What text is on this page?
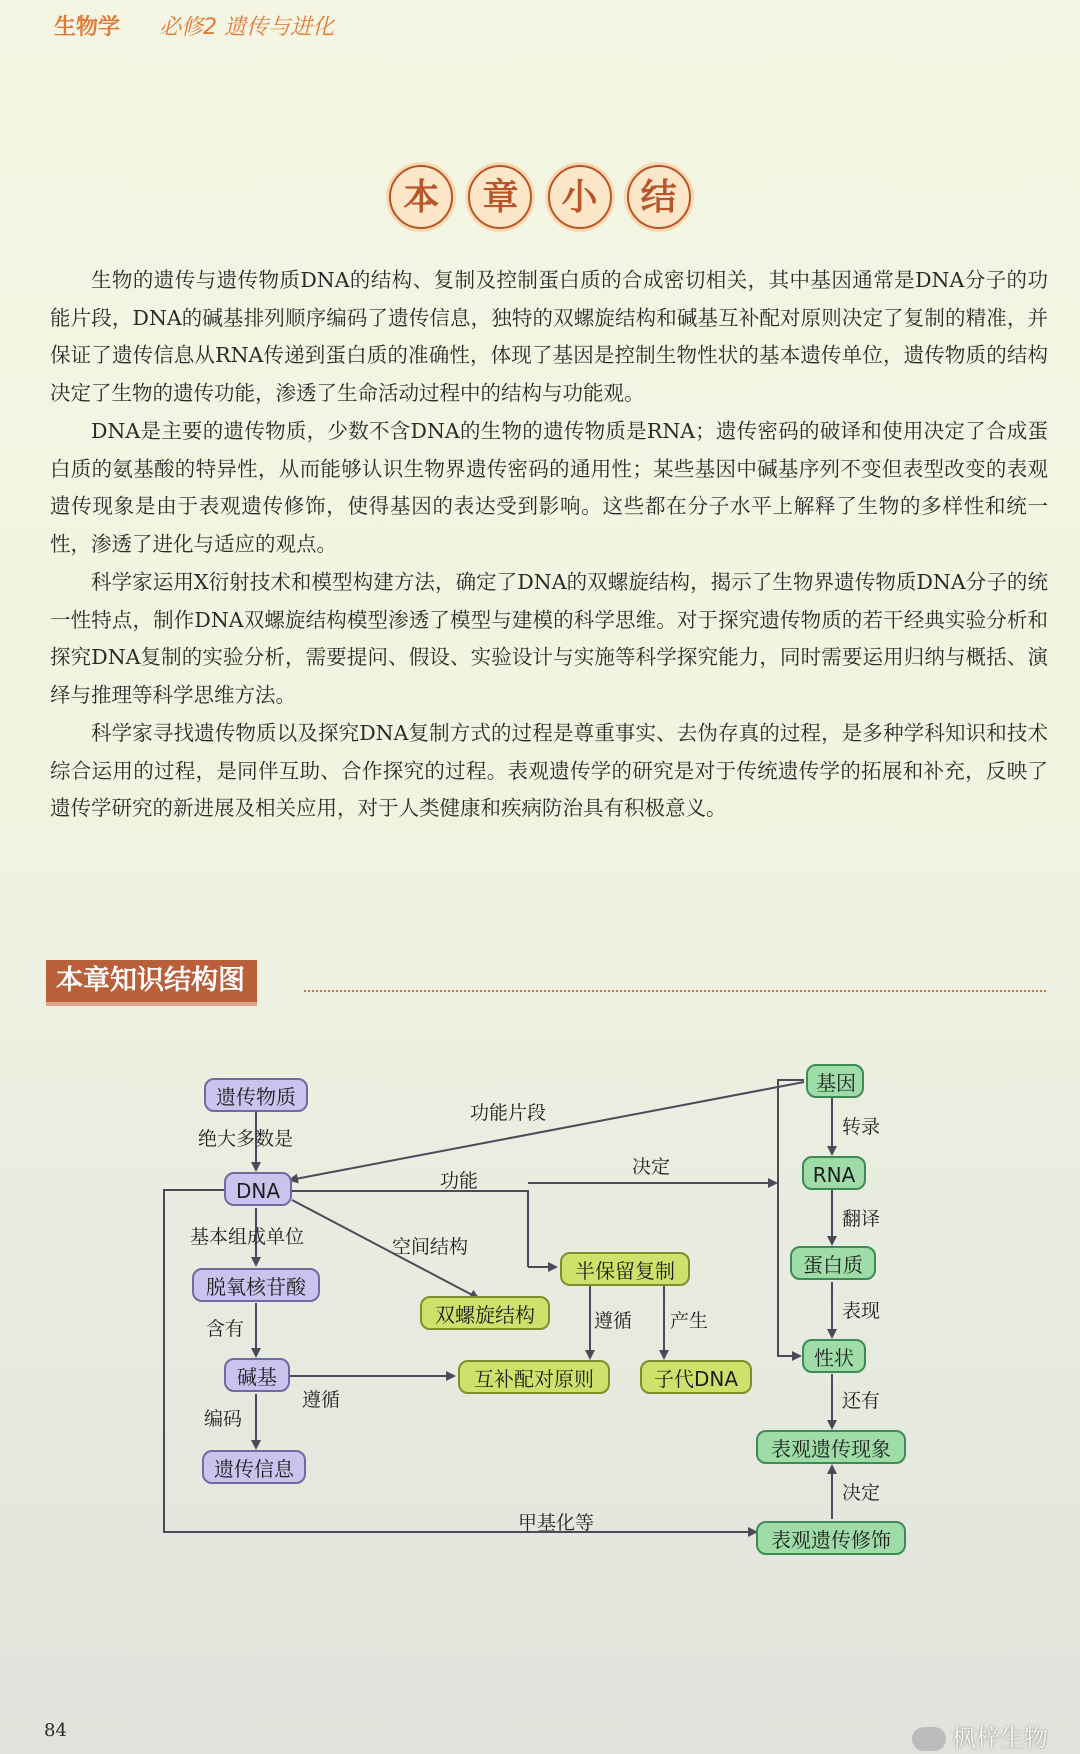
生物学 必修2 遗传与进化
本 章 小 结

生物的遗传与遗传物质DNA的结构、复制及控制蛋白质的合成密切相关，其中基因通常是DNA分子的功能片段，DNA的碱基排列顺序编码了遗传信息，独特的双螺旋结构和碱基互补配对原则决定了复制的精准，并保证了遗传信息从RNA传递到蛋白质的准确性，体现了基因是控制生物性状的基本遗传单位，遗传物质的结构决定了生物的遗传功能，渗透了生命活动过程中的结构与功能观。

DNA是主要的遗传物质，少数不含DNA的生物的遗传物质是RNA；遗传密码的破译和使用决定了合成蛋白质的氨基酸的特异性，从而能够认识生物界遗传密码的通用性；某些基因中碱基序列不变但表型改变的表观遗传现象是由于表观遗传修饰，使得基因的表达受到影响。这些都在分子水平上解释了生物的多样性和统一性，渗透了进化与适应的观点。

科学家运用X衍射技术和模型构建方法，确定了DNA的双螺旋结构，揭示了生物界遗传物质DNA分子的统一性特点，制作DNA双螺旋结构模型渗透了模型与建模的科学思维。对于探究遗传物质的若干经典实验分析和探究DNA复制的实验分析，需要提问、假设、实验设计与实施等科学探究能力，同时需要运用归纳与概括、演绎与推理等科学思维方法。

科学家寻找遗传物质以及探究DNA复制方式的过程是尊重事实、去伪存真的过程，是多种学科知识和技术综合运用的过程，是同伴互助、合作探究的过程。表观遗传学的研究是对于传统遗传学的拓展和补充，反映了遗传学研究的新进展及相关应用，对于人类健康和疾病防治具有积极意义。

本章知识结构图
遗传物质
DNA
脱氧核苷酸
碱基
遗传信息
双螺旋结构
半保留复制
互补配对原则	子代DNA
基因
RNA
蛋白质
性状
表观遗传现象
表观遗传修饰
绝大多数是
功能片段
功能
决定
基本组成单位	空间结构
含有
遵循
编码
遵循 产生
转录
翻译
表现
还有
决定
甲基化等
84	枫梓生物
